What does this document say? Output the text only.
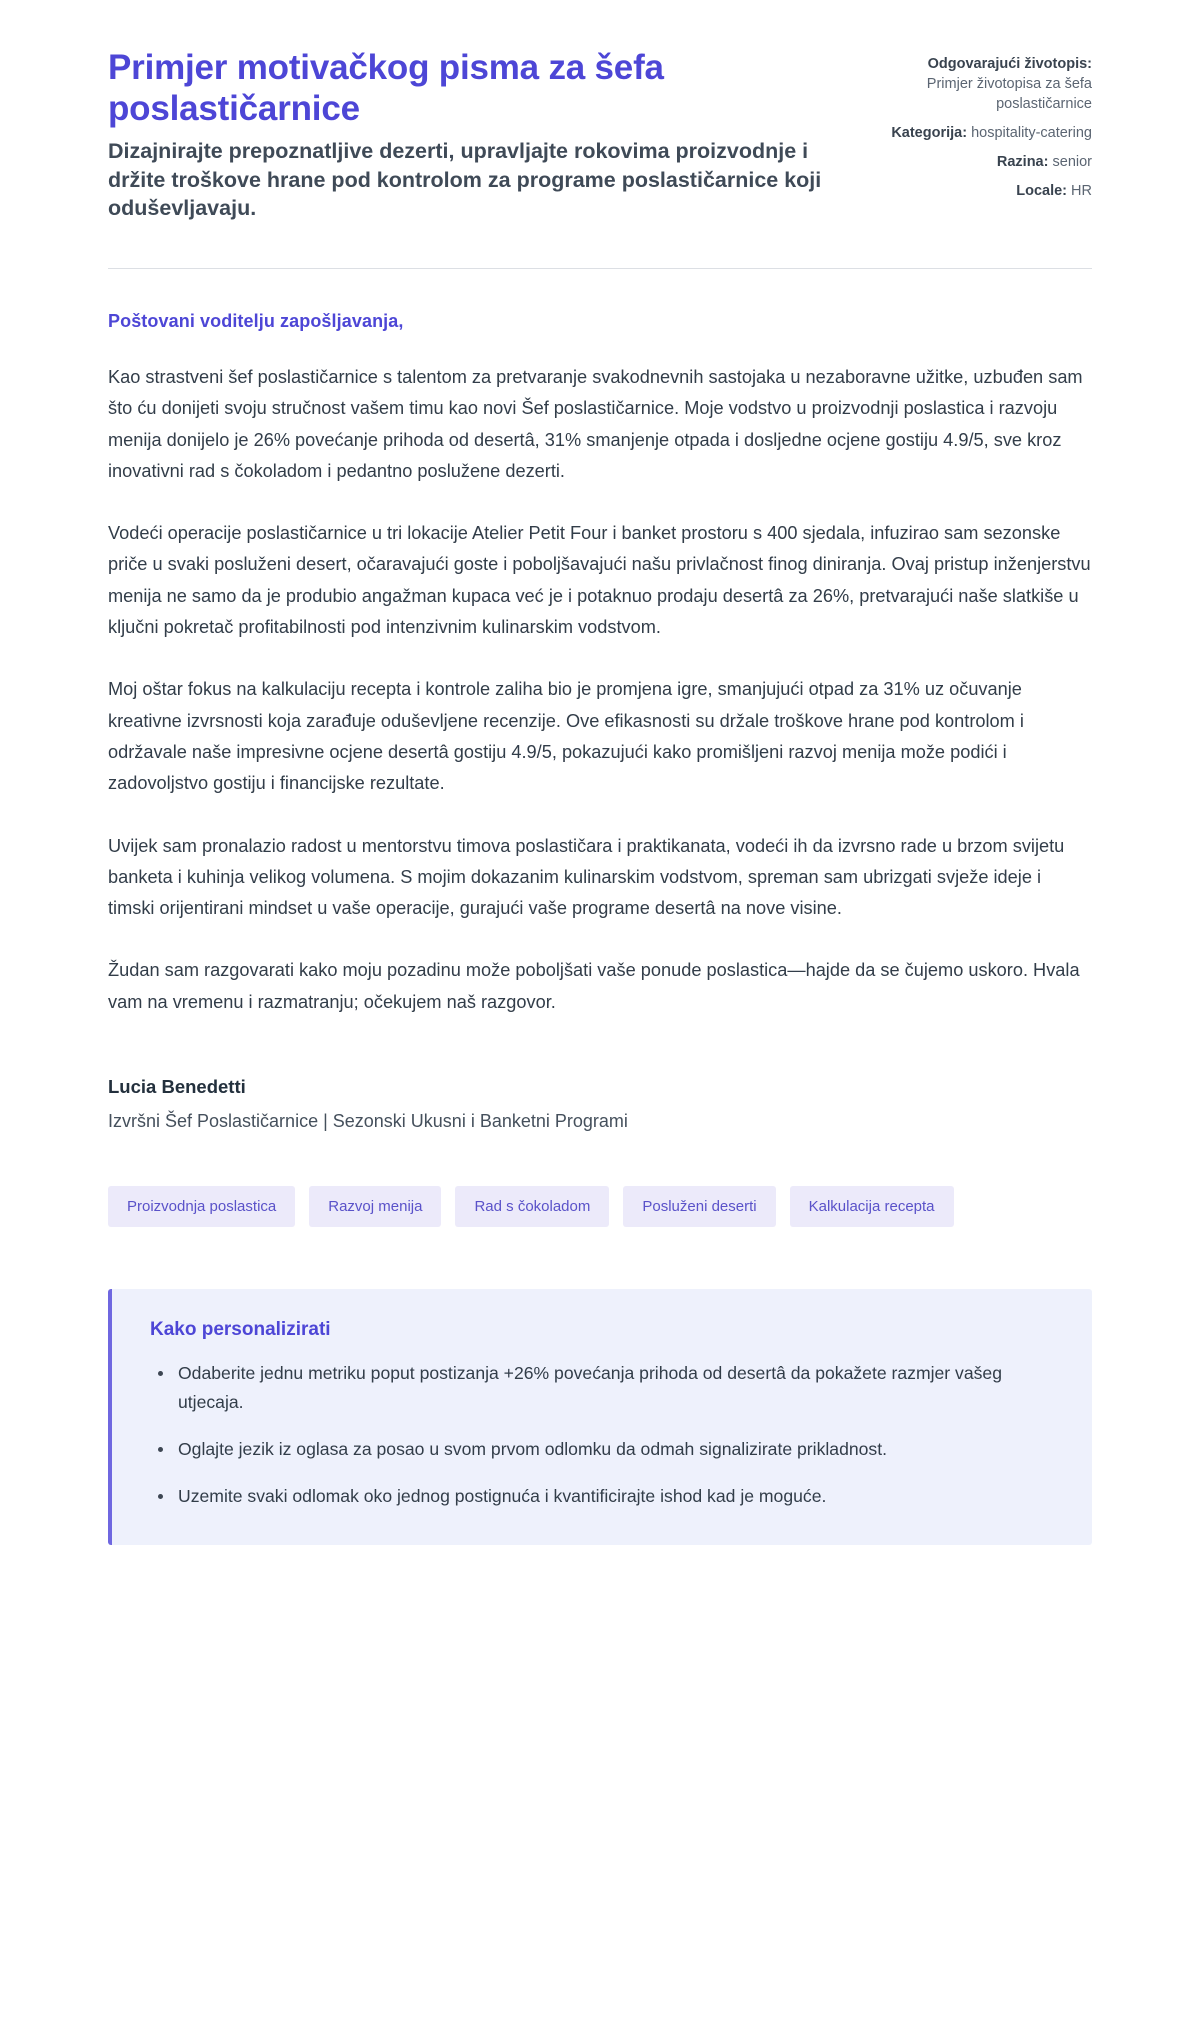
Primjer motivačkog pisma za šefa poslastičarnice

Dizajnirajte prepoznatljive dezerti, upravljajte rokovima proizvodnje i držite troškove hrane pod kontrolom za programe poslastičarnice koji oduševljavaju.

Odgovarajući životopis: Primjer životopisa za šefa poslastičarnice
Kategorija: hospitality-catering
Razina: senior
Locale: HR

Poštovani voditelju zapošljavanja,

Kao strastveni šef poslastičarnice s talentom za pretvaranje svakodnevnih sastojaka u nezaboravne užitke, uzbuđen sam što ću donijeti svoju stručnost vašem timu kao novi Šef poslastičarnice. Moje vodstvo u proizvodnji poslastica i razvoju menija donijelo je 26% povećanje prihoda od desertâ, 31% smanjenje otpada i dosljedne ocjene gostiju 4.9/5, sve kroz inovativni rad s čokoladom i pedantno poslužene dezerti.

Vodeći operacije poslastičarnice u tri lokacije Atelier Petit Four i banket prostoru s 400 sjedala, infuzirao sam sezonske priče u svaki posluženi desert, očaravajući goste i poboljšavajući našu privlačnost finog diniranja. Ovaj pristup inženjerstvu menija ne samo da je produbio angažman kupaca već je i potaknuo prodaju desertâ za 26%, pretvarajući naše slatkiše u ključni pokretač profitabilnosti pod intenzivnim kulinarskim vodstvom.

Moj oštar fokus na kalkulaciju recepta i kontrole zaliha bio je promjena igre, smanjujući otpad za 31% uz očuvanje kreativne izvrsnosti koja zarađuje oduševljene recenzije. Ove efikasnosti su držale troškove hrane pod kontrolom i održavale naše impresivne ocjene desertâ gostiju 4.9/5, pokazujući kako promišljeni razvoj menija može podići i zadovoljstvo gostiju i financijske rezultate.

Uvijek sam pronalazio radost u mentorstvu timova poslastičara i praktikanata, vodeći ih da izvrsno rade u brzom svijetu banketa i kuhinja velikog volumena. S mojim dokazanim kulinarskim vodstvom, spreman sam ubrizgati svježe ideje i timski orijentirani mindset u vaše operacije, gurajući vaše programe desertâ na nove visine.

Žudan sam razgovarati kako moju pozadinu može poboljšati vaše ponude poslastica—hajde da se čujemo uskoro. Hvala vam na vremenu i razmatranju; očekujem naš razgovor.

Lucia Benedetti

Izvršni Šef Poslastičarnice | Sezonski Ukusni i Banketni Programi

Proizvodnja poslastica	Razvoj menija	Rad s čokoladom	Posluženi deserti	Kalkulacija recepta

Kako personalizirati

Odaberite jednu metriku poput postizanja +26% povećanja prihoda od desertâ da pokažete razmjer vašeg utjecaja.
Oglajte jezik iz oglasa za posao u svom prvom odlomku da odmah signalizirate prikladnost.
Uzemite svaki odlomak oko jednog postignuća i kvantificirajte ishod kad je moguće.
